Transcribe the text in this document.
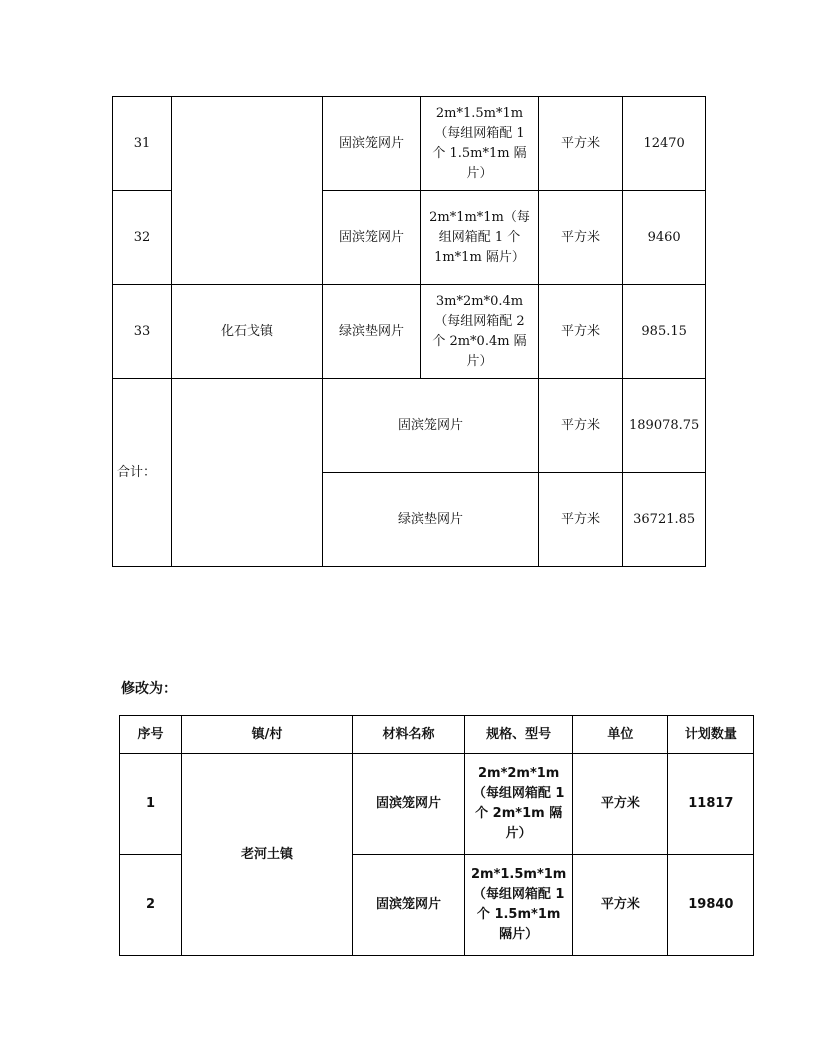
31		固滨笼网片	2m*1.5m*1m（每组网箱配 1 个 1.5m*1m 隔片）	平方米	12470
32		固滨笼网片	2m*1m*1m（每组网箱配 1 个 1m*1m 隔片）	平方米	9460
33	化石戈镇	绿滨垫网片	3m*2m*0.4m（每组网箱配 2 个 2m*0.4m 隔片）	平方米	985.15
合计：		固滨笼网片		平方米	189078.75
		绿滨垫网片		平方米	36721.85

修改为：

序号	镇/村	材料名称	规格、型号	单位	计划数量
1	老河土镇	固滨笼网片	2m*2m*1m（每组网箱配 1 个 2m*1m 隔片）	平方米	11817
2		固滨笼网片	2m*1.5m*1m（每组网箱配 1 个 1.5m*1m 隔片）	平方米	19840
